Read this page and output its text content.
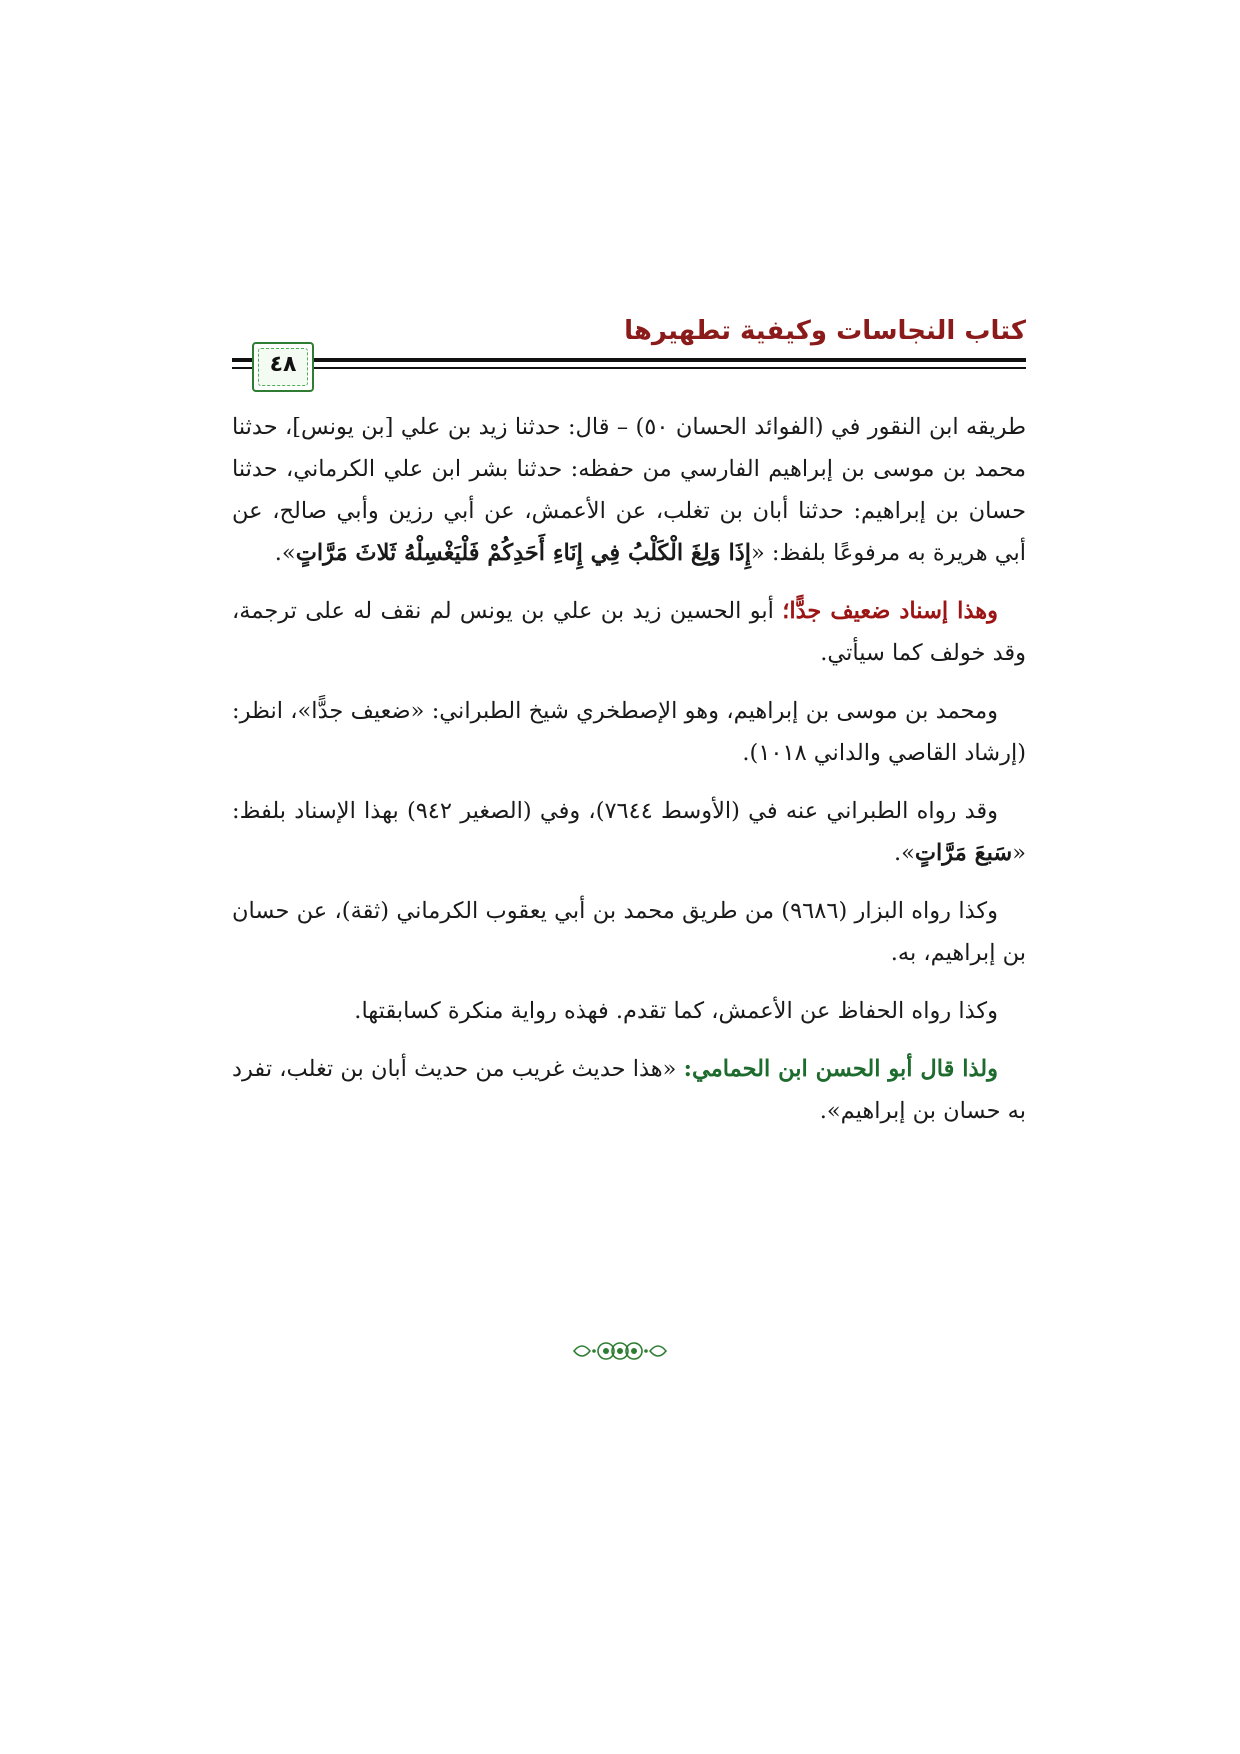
كتاب النجاسات وكيفية تطهيرها
٤٨

طريقه ابن النقور في (الفوائد الحسان ٥٠) – قال: حدثنا زيد بن علي [بن يونس]، حدثنا محمد بن موسى بن إبراهيم الفارسي من حفظه: حدثنا بشر ابن علي الكرماني، حدثنا حسان بن إبراهيم: حدثنا أبان بن تغلب، عن الأعمش، عن أبي رزين وأبي صالح، عن أبي هريرة به مرفوعًا بلفظ: «إِذَا وَلِغَ الْكَلْبُ فِي إِنَاءِ أَحَدِكُمْ فَلْيَغْسِلْهُ ثَلاثَ مَرَّاتٍ».

وهذا إسناد ضعيف جدًّا؛ أبو الحسين زيد بن علي بن يونس لم نقف له على ترجمة، وقد خولف كما سيأتي.

ومحمد بن موسى بن إبراهيم، وهو الإصطخري شيخ الطبراني: «ضعيف جدًّا»، انظر: (إرشاد القاصي والداني ١٠١٨).

وقد رواه الطبراني عنه في (الأوسط ٧٦٤٤)، وفي (الصغير ٩٤٢) بهذا الإسناد بلفظ: «سَبعَ مَرَّاتٍ».

وكذا رواه البزار (٩٦٨٦) من طريق محمد بن أبي يعقوب الكرماني (ثقة)، عن حسان بن إبراهيم، به.

وكذا رواه الحفاظ عن الأعمش، كما تقدم. فهذه رواية منكرة كسابقتها.

ولذا قال أبو الحسن ابن الحمامي: «هذا حديث غريب من حديث أبان بن تغلب، تفرد به حسان بن إبراهيم».
